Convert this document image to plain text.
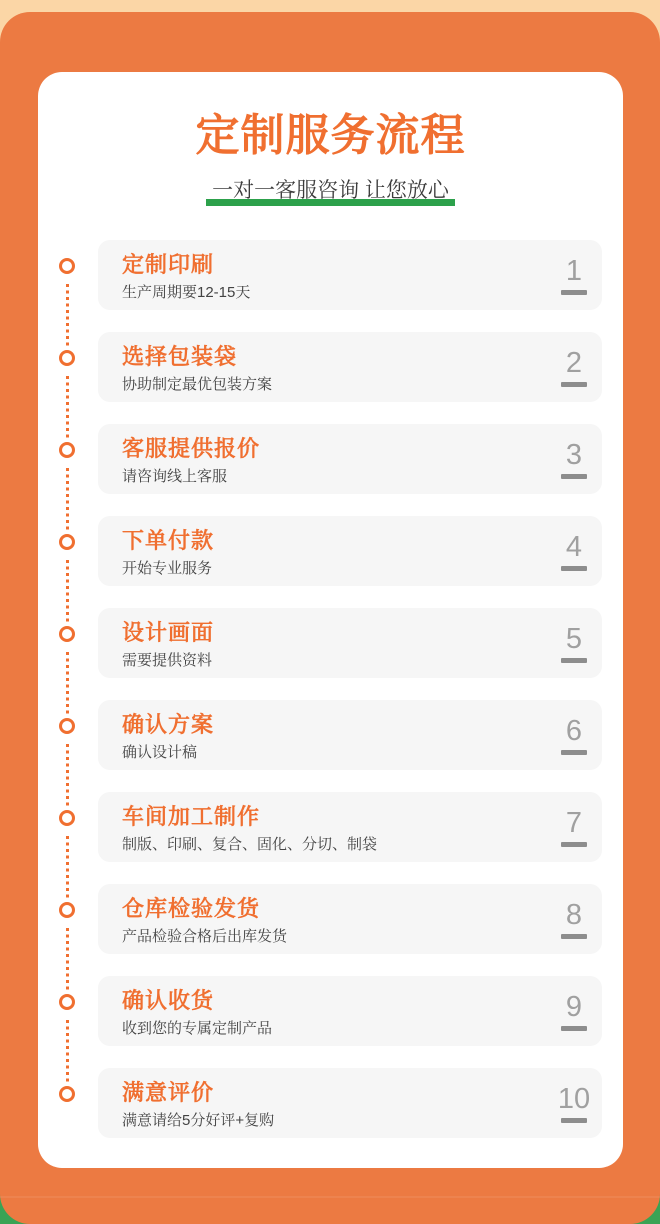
定制服务流程
一对一客服咨询 让您放心
定制印刷
生产周期要12-15天
1
选择包装袋
协助制定最优包装方案
2
客服提供报价
请咨询线上客服
3
下单付款
开始专业服务
4
设计画面
需要提供资料
5
确认方案
确认设计稿
6
车间加工制作
制版、印刷、复合、固化、分切、制袋
7
仓库检验发货
产品检验合格后出库发货
8
确认收货
收到您的专属定制产品
9
满意评价
满意请给5分好评+复购
10
